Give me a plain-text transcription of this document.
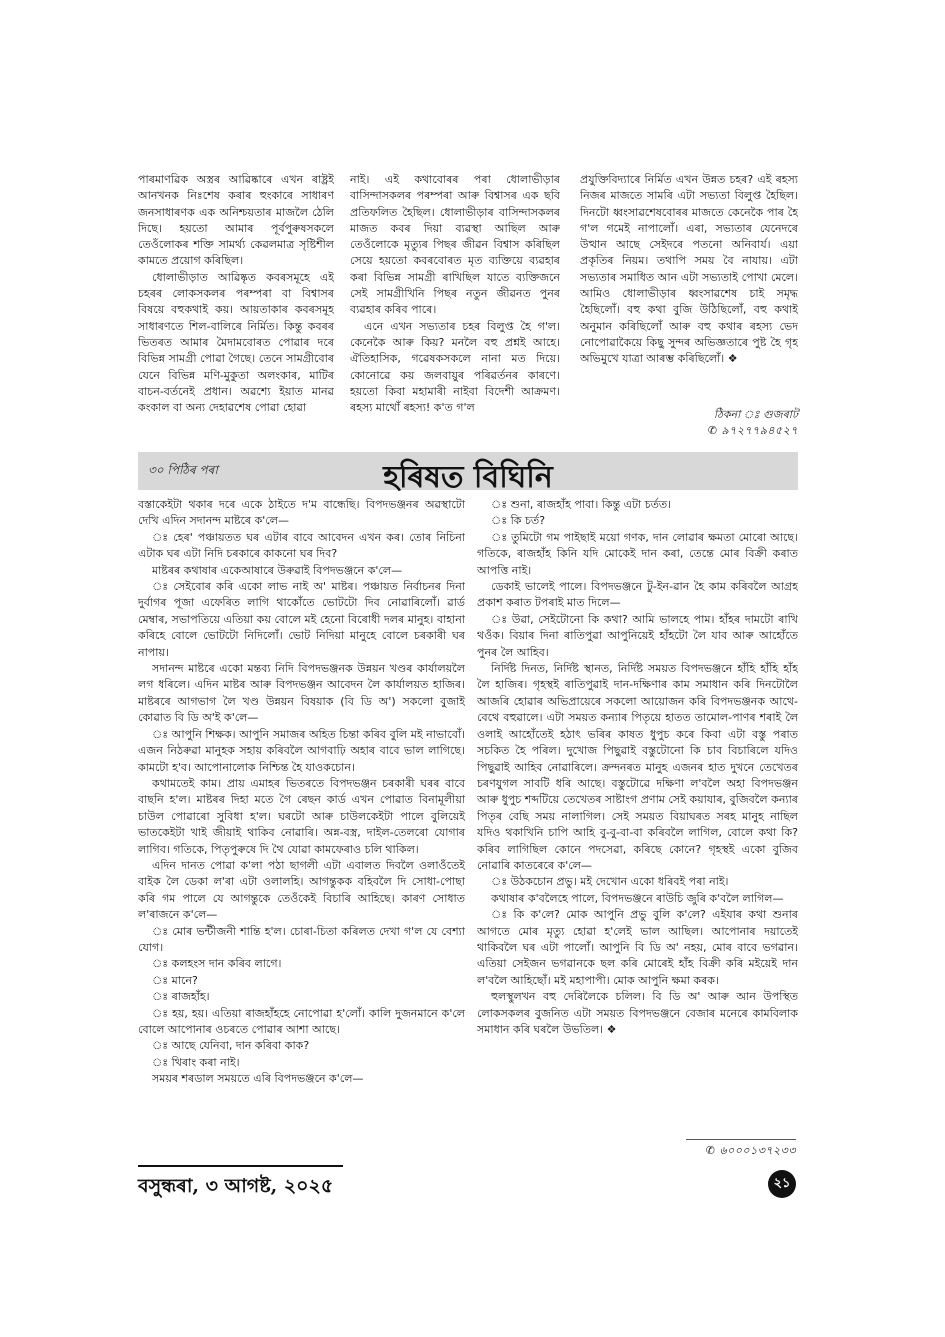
পাৰমাণৱিক অস্ত্ৰৰ আৱিষ্কাৰে এখন ৰাষ্ট্ৰই আনখনক নিঃশেষ কৰাৰ হুংকাৰে সাধাৰণ জনসাধাৰণক এক অনিশ্চয়তাৰ মাজলৈ ঠেলি দিছে। হয়তো আমাৰ পূৰ্বপুৰুষসকলে তেওঁলোকৰ শক্তি সামৰ্থ্য কেৱলমাত্ৰ সৃষ্টিশীল কামতে প্ৰয়োগ কৰিছিল।

ধোলাভীড়াত আৱিষ্কৃত কবৰসমূহে এই চহৰৰ লোকসকলৰ পৰম্পৰা বা বিশ্বাসৰ বিষয়ে বহুকথাই কয়। আয়তাকাৰ কবৰসমূহ সাধাৰণতে শিল-বালিৰে নিৰ্মিত। কিন্তু কবৰৰ ভিতৰত আমাৰ মৈদামবোৰত পোৱাৰ দৰে বিভিন্ন সামগ্ৰী পোৱা গৈছে। তেনে সামগ্ৰীবোৰ যেনে বিভিন্ন মণি-মুকুতা অলংকাৰ, মাটিৰ বাচন-বৰ্তনেই প্ৰধান। অৱশ্যে ইয়াত মানৱ কংকাল বা অন্য দেহাৱশেষ পোৱা হোৱা

নাই। এই কথাবোৰৰ পৰা ধোলাভীড়াৰ বাসিন্দাসকলৰ পৰম্পৰা আৰু বিশ্বাসৰ এক ছবি প্ৰতিফলিত হৈছিল। ধোলাভীড়াৰ বাসিন্দাসকলৰ মাজত কবৰ দিয়া ব্যৱস্থা আছিল আৰু তেওঁলোকে মৃত্যুৰ পিছৰ জীৱন বিশ্বাস কৰিছিল সেয়ে হয়তো কবৰবোৰত মৃত ব্যক্তিয়ে ব্যৱহাৰ কৰা বিভিন্ন সামগ্ৰী ৰাখিছিল যাতে ব্যক্তিজনে সেই সামগ্ৰীখিনি পিছৰ নতুন জীৱনত পুনৰ ব্যৱহাৰ কৰিব পাৰে।

এনে এখন সভ্যতাৰ চহৰ বিলুপ্ত হৈ গ'ল। কেনেকৈ আৰু কিয়? মনলৈ বহু প্ৰশ্নই আহে। ঐতিহাসিক, গৱেষকসকলে নানা মত দিয়ে। কোনোৱে কয় জলবায়ুৰ পৰিৱৰ্তনৰ কাৰণে। হয়তো কিবা মহামাৰী নাইবা বিদেশী আক্ৰমণ। ৰহস্য মাথোঁ ৰহস্য! ক'ত গ'ল

প্ৰযুক্তিবিদ্যাৰে নিৰ্মিত এখন উন্নত চহৰ? এই ৰহস্য নিজৰ মাজতে সামৰি এটা সভ্যতা বিলুপ্ত হৈছিল। দিনটো ধ্বংসাৱশেষবোৰৰ মাজতে কেনেকৈ পাৰ হৈ গ'ল গমেই নাপালোঁ। এৰা, সভ্যতাৰ যেনেদৰে উত্থান আছে সেইদৰে পতনো অনিবাৰ্য। এয়া প্ৰকৃতিৰ নিয়ম। তথাপি সময় বৈ নাযায়। এটা সভ্যতাৰ সমাধিত আন এটা সভ্যতাই পোখা মেলে। আমিও ধোলাভীড়াৰ ধ্বংসাৱশেষ চাই সমৃদ্ধ হৈছিলোঁ। বহু কথা বুজি উঠিছিলোঁ, বহু কথাই অনুমান কৰিছিলোঁ আৰু বহু কথাৰ ৰহস্য ভেদ নোপোৱাকৈয়ে কিছু সুন্দৰ অভিজ্ঞতাৰে পুষ্ট হৈ গৃহ অভিমুখে যাত্ৰা আৰম্ভ কৰিছিলোঁ। ❖

ঠিকনা ঃ গুজৰাট
✆ ৯৭২৭৭৯৪৫২৭
৩০ পিঠিৰ পৰা	হৰিষত বিঘিনি

বস্তাকেইটা থকাৰ দৰে একে ঠাইতে দ'ম বান্ধেছি। বিপদভঞ্জনৰ অৱস্থাটো দেখি এদিন সদানন্দ মাষ্টৰে ক'লে—

ঃ হেৰ' পঞ্চায়তত ঘৰ এটাৰ বাবে আবেদন এখন কৰ। তোৰ নিচিনা এটাক ঘৰ এটা নিদি চৰকাৰে কাকনো ঘৰ দিব?

মাষ্টৰৰ কথাষাৰ একেআষাৰে উৰুৱাই বিপদভঞ্জনে ক'লে—

ঃ সেইবোৰ কৰি একো লাভ নাই অ' মাষ্টৰ। পঞ্চায়ত নিৰ্বাচনৰ দিনা দুৰ্বাগৰ পূজা এফেৰিত লাগি থাকোঁতে ভোটটো দিব নোৱাৰিলোঁ। ৱাৰ্ড মেম্বাৰ, সভাপতিয়ে এতিয়া কয় বোলে মই হেনো বিৰোধী দলৰ মানুহ। বাহানা কৰিহে বোলে ভোটটো নিদিলোঁ। ভোট নিদিয়া মানুহে বোলে চৰকাৰী ঘৰ নাপায়।

সদানন্দ মাষ্টৰে একো মন্তব্য নিদি বিপদভঞ্জনক উন্নয়ন খণ্ডৰ কাৰ্যালয়লৈ লগ ধৰিলে। এদিন মাষ্টৰ আৰু বিপদভঞ্জন আবেদন লৈ কাৰ্যালয়ত হাজিৰ। মাষ্টৰৰে আগভাগ লৈ খণ্ড উন্নয়ন বিষয়াক (বি ডি অ') সকলো বুজাই কোৱাত বি ডি অ'ই ক'লে—

ঃ আপুনি শিক্ষক। আপুনি সমাজৰ অহিত চিন্তা কৰিব বুলি মই নাভাবোঁ। এজন নিঠৰুৱা মানুহক সহায় কৰিবলৈ আগবাঢ়ি অহাৰ বাবে ভাল লাগিছে। কামটো হ'ব। আপোনালোক নিশ্চিন্ত হৈ যাওকচোন।

কথামতেই কাম। প্ৰায় এমাহৰ ভিতৰতে বিপদভঞ্জন চৰকাৰী ঘৰৰ বাবে বাছনি হ'ল। মাষ্টৰৰ দিহা মতে গৈ ৰেছন কাৰ্ড এখন পোৱাত বিনামূলীয়া চাউল পোৱাৰো সুবিধা হ'ল। ঘৰটো আৰু চাউলকেইটা পালে বুলিয়েই ভাতকেইটা খাই জীয়াই থাকিব নোৱাৰি। অন্ন-বস্ত্ৰ, দাইল-তেলৰো যোগাৰ লাগিব। গতিকে, পিতৃপুৰুষে দি থৈ যোৱা কামফেৰাও চলি থাকিল।

এদিন দানত পোৱা ক'লা পঠা ছাগলী এটা এবালত দিবলৈ ওলাওঁতেই বাইক লৈ ডেকা ল'ৰা এটা ওলালহি। আগন্তুকক বহিবলৈ দি সোধা-পোছা কৰি গম পালে যে আগন্তুকে তেওঁকেই বিচাৰি আহিছে। কাৰণ সোধাত ল'ৰাজনে ক'লে—

ঃ মোৰ ভন্টীজনী শান্তি হ'ল। চোৰা-চিতা কৰিলত দেখা গ'ল যে বেশ্যা যোগ।

ঃ কলহংস দান কৰিব লাগে।

ঃ মানে?

ঃ ৰাজহাঁহ।

ঃ হয়, হয়। এতিয়া ৰাজহাঁহহে নোপোৱা হ'লোঁ। কালি দুজনমানে ক'লে বোলে আপোনাৰ ওচৰতে পোৱাৰ আশা আছে।

ঃ আছে যেনিবা, দান কৰিবা কাক?

ঃ থিৰাং কৰা নাই।

সময়ৰ শৰডাল সময়তে এৰি বিপদভঞ্জনে ক'লে—

ঃ শুনা, ৰাজহাঁহ পাবা। কিন্তু এটা চৰ্তত।

ঃ কি চৰ্ত?

ঃ তুমিটো গম পাইছাই ময়ো গণক, দান লোৱাৰ ক্ষমতা মোৰো আছে। গতিকে, ৰাজহাঁহ কিনি যদি মোকেই দান কৰা, তেন্তে মোৰ বিক্ৰী কৰাত আপত্তি নাই।

ডেকাই ভালেই পালে। বিপদভঞ্জনে টু-ইন-ৱান হৈ কাম কৰিবলৈ আগ্ৰহ প্ৰকাশ কৰাত টপৰাই মাত দিলে—

ঃ উৱা, সেইটোনো কি কথা? আমি ভালহে পাম। হাঁহৰ দামটো ৰাখি থওঁক। বিয়াৰ দিনা ৰাতিপুৱা আপুনিয়েই হাঁহটো লৈ যাব আৰু আহোঁতে পুনৰ লৈ আহিব।

নিৰ্দিষ্ট দিনত, নিৰ্দিষ্ট স্থানত, নিৰ্দিষ্ট সময়ত বিপদভঞ্জনে হাঁহি হাঁহি হাঁহ লৈ হাজিৰ। গৃহস্থই ৰাতিপুৱাই দান-দক্ষিণাৰ কাম সমাধান কৰি দিনটোলৈ আজৰি হোৱাৰ অভিপ্ৰায়েৰে সকলো আয়োজন কৰি বিপদভঞ্জনক আথে-বেথে বহুৱালে। এটা সময়ত কন্যাৰ পিতৃয়ে হাতত তামোল-পাণৰ শৰাই লৈ ওলাই আহোঁতেই হঠাৎ ভৰিৰ কাষত ধুপুচ কৰে কিবা এটা বস্তু পৰাত সচকিত হৈ পৰিল। দুখোজ পিছুৱাই বস্তুটোনো কি চাব বিচাৰিলে যদিও পিছুৱাই আহিব নোৱাৰিলে। ক্ৰন্দনৰত মানুহ এজনৰ হাত দুখনে তেখেতৰ চৰণযুগল সাবটি ধৰি আছে। বস্তুটোৱে দক্ষিণা ল'বলৈ অহা বিপদভঞ্জন আৰু ধুপুচ শব্দটিয়ে তেখেতৰ সাষ্টাংগ প্ৰণাম সেই কয়াযাৰ, বুজিবলৈ কন্যাৰ পিতৃৰ বেছি সময় নালাগিল। সেই সময়ত বিয়াঘৰত সৰহ মানুহ নাছিল যদিও থকাখিনি চাপি আহি বু-বু-বা-বা কৰিবলৈ লাগিল, বোলে কথা কি? কৰিব লাগিছিল কোনে পদসেৱা, কৰিছে কোনে? গৃহস্থই একো বুজিব নোৱাৰি কাতৰেৰে ক'লে—

ঃ উঠকচোন প্ৰভু। মই দেখোন একো ধৰিবই পৰা নাই।

কথাষাৰ ক'বলৈহে পালে, বিপদভঞ্জনে ৰাউচি জুৰি ক'বলৈ লাগিল—

ঃ কি ক'লে? মোক আপুনি প্ৰভু বুলি ক'লে? এইযাৰ কথা শুনাৰ আগতে মোৰ মৃত্যু হোৱা হ'লেই ভাল আছিল। আপোনাৰ দয়াতেই থাকিবলৈ ঘৰ এটা পালোঁ। আপুনি বি ডি অ' নহয়, মোৰ বাবে ভগৱান। এতিয়া সেইজন ভগৱানকে ছল কৰি মোৰেই হাঁহ বিক্ৰী কৰি মইয়েই দান ল'বলৈ আহিছোঁ। মই মহাপাপী। মোক আপুনি ক্ষমা কৰক।

হুলস্থুলখন বহু দেৰিলৈকে চলিল। বি ডি অ' আৰু আন উপস্থিত লোকসকলৰ বুজনিত এটা সময়ত বিপদভঞ্জনে বেজাৰ মনেৰে কামবিলাক সমাধান কৰি ঘৰলৈ উভতিল। ❖

✆ ৬০০০১৩৭২৩৩
বসুন্ধৰা, ৩ আগষ্ট, ২০২৫	২১
